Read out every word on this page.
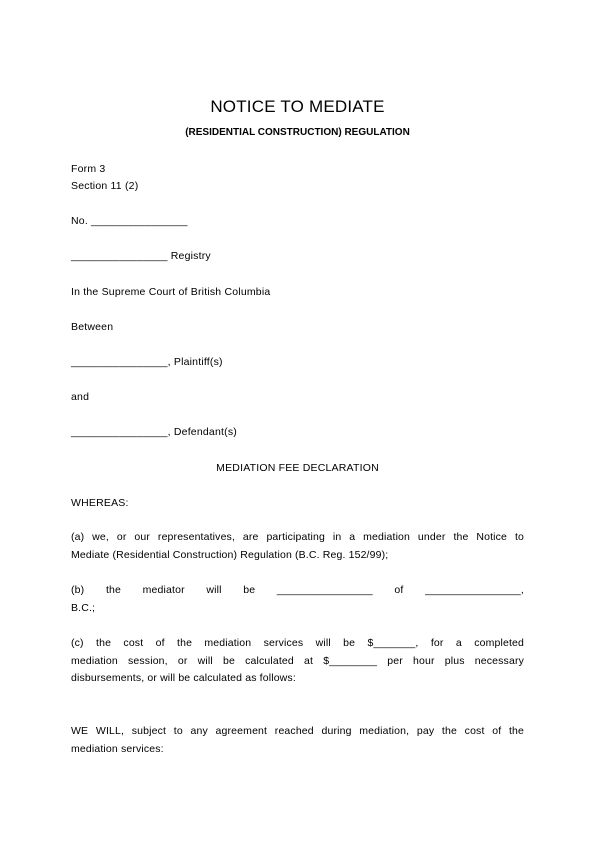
NOTICE TO MEDIATE
(RESIDENTIAL CONSTRUCTION) REGULATION
Form 3
Section 11 (2)
No. ________________
________________ Registry
In the Supreme Court of British Columbia
Between
________________, Plaintiff(s)
and
________________, Defendant(s)
MEDIATION FEE DECLARATION
WHEREAS:
(a) we, or our representatives, are participating in a mediation under the Notice to
Mediate (Residential Construction) Regulation (B.C. Reg. 152/99);
(b) the mediator will be ________________ of ________________,
B.C.;
(c) the cost of the mediation services will be $_______, for a completed
mediation session, or will be calculated at $________ per hour plus necessary
disbursements, or will be calculated as follows:
WE WILL, subject to any agreement reached during mediation, pay the cost of the
mediation services:
